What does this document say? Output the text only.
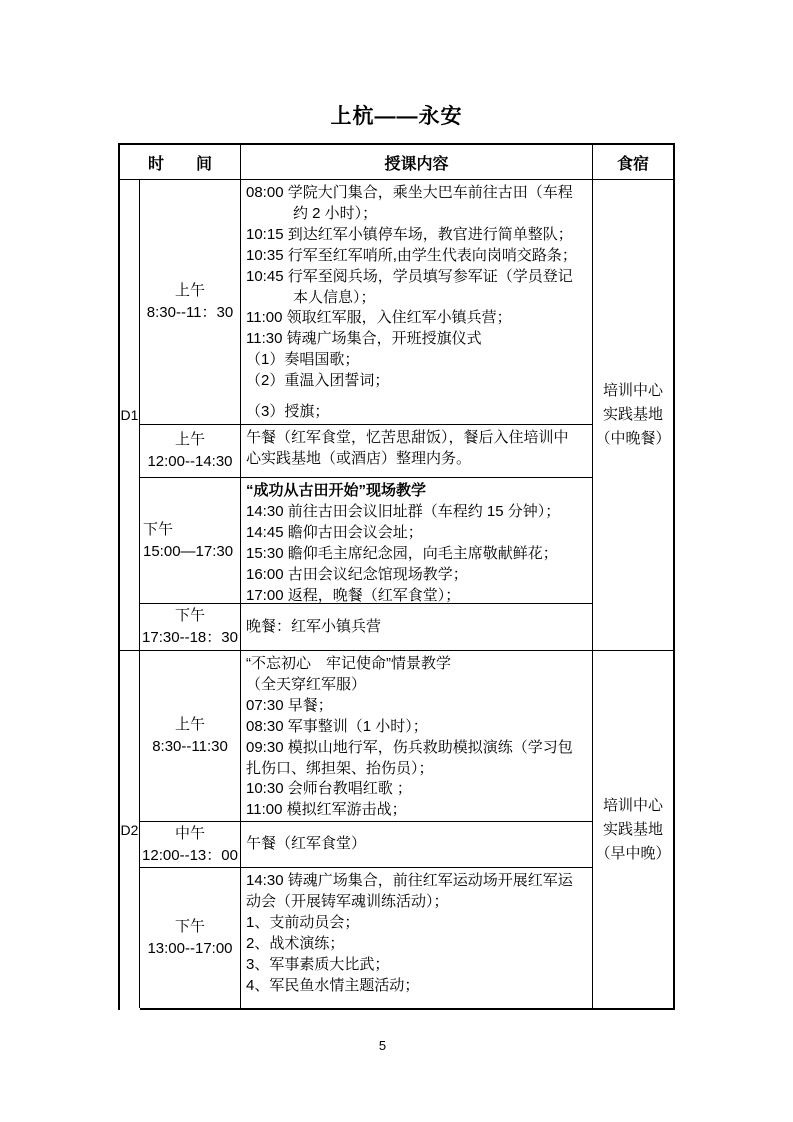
上杭——永安
时　　间	授课内容	食宿
D1
上午
8:30--11：30
08:00 学院大门集合，乘坐大巴车前往古田（车程
约 2 小时）；
10:15 到达红军小镇停车场，教官进行简单整队；
10:35 行军至红军哨所,由学生代表向岗哨交路条；
10:45 行军至阅兵场，学员填写参军证（学员登记
本人信息）；
11:00 领取红军服，入住红军小镇兵营；
11:30 铸魂广场集合，开班授旗仪式
（1）奏唱国歌；
（2）重温入团誓词；
（3）授旗；
上午
12:00--14:30
午餐（红军食堂，忆苦思甜饭），餐后入住培训中
心实践基地（或酒店）整理内务。
下午
15:00—17:30
“成功从古田开始”现场教学
14:30 前往古田会议旧址群（车程约 15 分钟）；
14:45 瞻仰古田会议会址；
15:30 瞻仰毛主席纪念园，向毛主席敬献鲜花；
16:00 古田会议纪念馆现场教学；
17:00 返程，晚餐（红军食堂）；
下午
17:30--18：30
晚餐：红军小镇兵营
培训中心
实践基地
（中晚餐）
D2
上午
8:30--11:30
“不忘初心　牢记使命”情景教学
（全天穿红军服）
07:30 早餐；
08:30 军事整训（1 小时）；
09:30 模拟山地行军，伤兵救助模拟演练（学习包
扎伤口、绑担架、抬伤员）；
10:30 会师台教唱红歌 ；
11:00 模拟红军游击战；
中午
12:00--13：00
午餐（红军食堂）
下午
13:00--17:00
14:30 铸魂广场集合，前往红军运动场开展红军运
动会（开展铸军魂训练活动）；
1、支前动员会；
2、战术演练；
3、军事素质大比武；
4、军民鱼水情主题活动；
培训中心
实践基地
（早中晚）
5
